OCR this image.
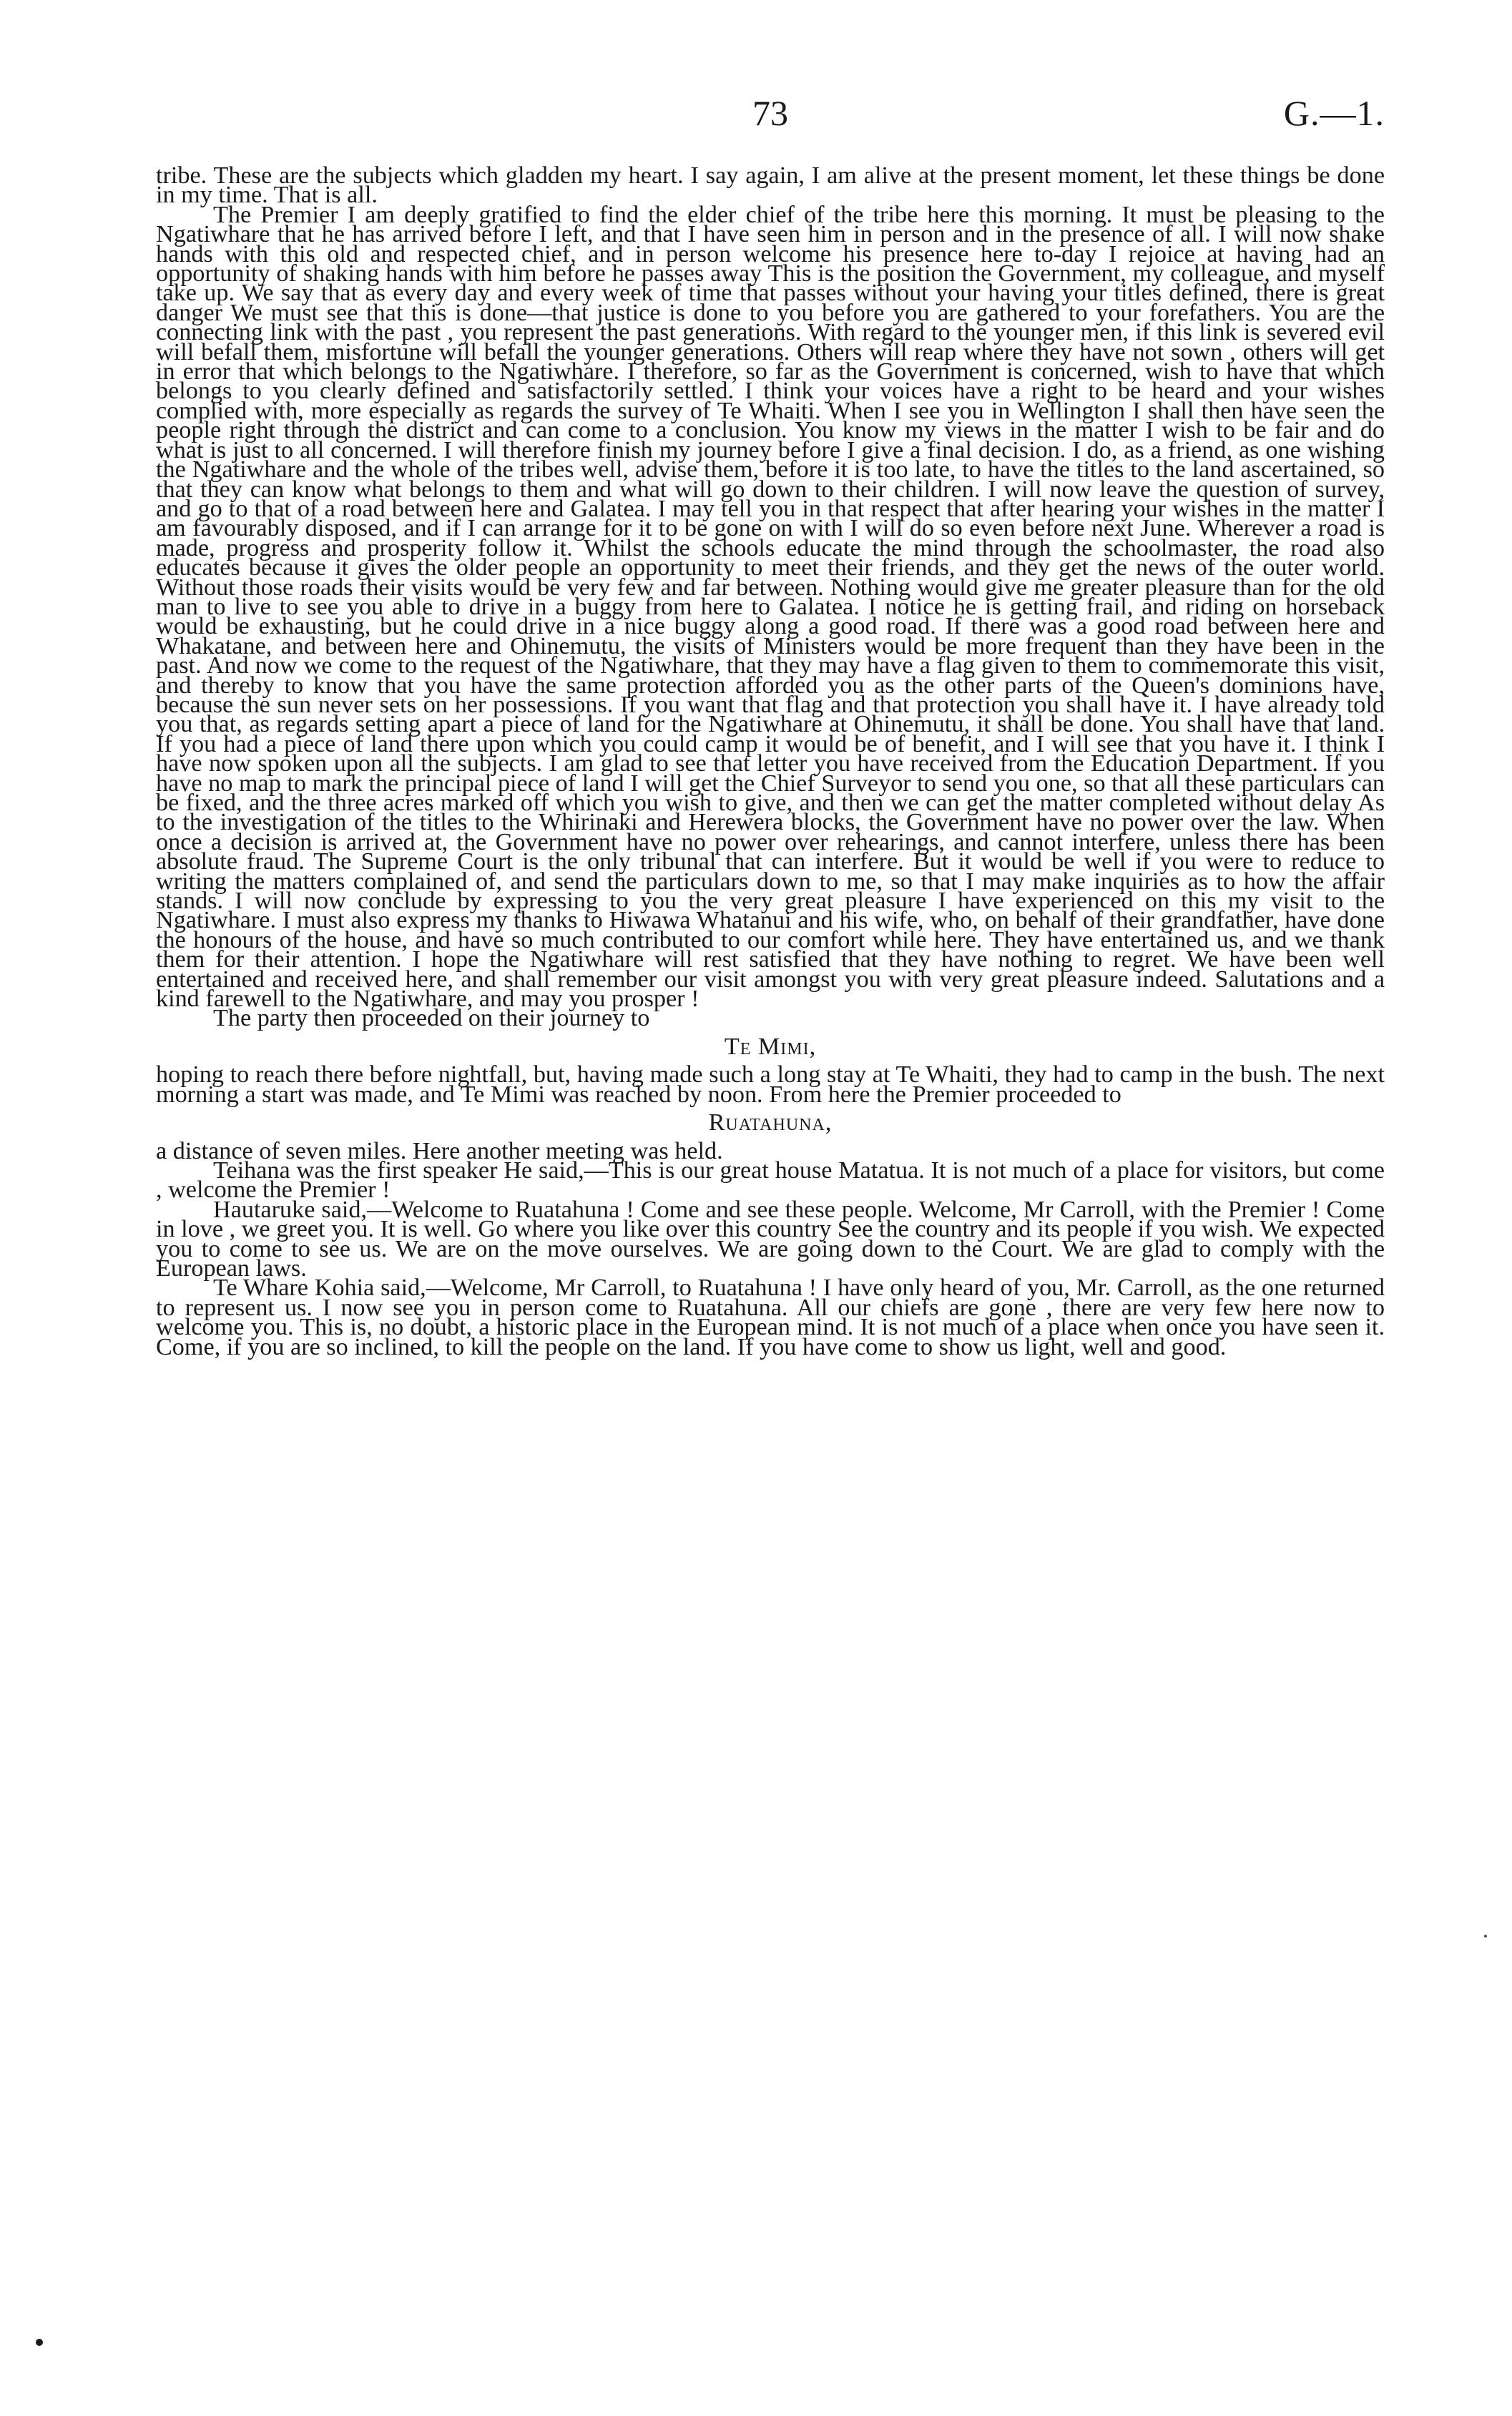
73	G.—1.

tribe. These are the subjects which gladden my heart. I say again, I am alive at the present moment, let these things be done in my time. That is all.

The Premier I am deeply gratified to find the elder chief of the tribe here this morning. It must be pleasing to the Ngatiwhare that he has arrived before I left, and that I have seen him in person and in the presence of all. I will now shake hands with this old and respected chief, and in person welcome his presence here to-day I rejoice at having had an opportunity of shaking hands with him before he passes away This is the position the Government, my colleague, and myself take up. We say that as every day and every week of time that passes without your having your titles defined, there is great danger We must see that this is done—that justice is done to you before you are gathered to your forefathers. You are the connecting link with the past , you represent the past generations. With regard to the younger men, if this link is severed evil will befall them, misfortune will befall the younger generations. Others will reap where they have not sown , others will get in error that which belongs to the Ngatiwhare. I therefore, so far as the Government is concerned, wish to have that which belongs to you clearly defined and satisfactorily settled. I think your voices have a right to be heard and your wishes complied with, more especially as regards the survey of Te Whaiti. When I see you in Wellington I shall then have seen the people right through the district and can come to a conclusion. You know my views in the matter I wish to be fair and do what is just to all concerned. I will therefore finish my journey before I give a final decision. I do, as a friend, as one wishing the Ngatiwhare and the whole of the tribes well, advise them, before it is too late, to have the titles to the land ascertained, so that they can know what belongs to them and what will go down to their children. I will now leave the question of survey, and go to that of a road between here and Galatea. I may tell you in that respect that after hearing your wishes in the matter I am favourably disposed, and if I can arrange for it to be gone on with I will do so even before next June. Wherever a road is made, progress and prosperity follow it. Whilst the schools educate the mind through the schoolmaster, the road also educates because it gives the older people an opportunity to meet their friends, and they get the news of the outer world. Without those roads their visits would be very few and far between. Nothing would give me greater pleasure than for the old man to live to see you able to drive in a buggy from here to Galatea. I notice he is getting frail, and riding on horseback would be exhausting, but he could drive in a nice buggy along a good road. If there was a good road between here and Whakatane, and between here and Ohinemutu, the visits of Ministers would be more frequent than they have been in the past. And now we come to the request of the Ngatiwhare, that they may have a flag given to them to commemorate this visit, and thereby to know that you have the same protection afforded you as the other parts of the Queen's dominions have, because the sun never sets on her possessions. If you want that flag and that protection you shall have it. I have already told you that, as regards setting apart a piece of land for the Ngatiwhare at Ohinemutu, it shall be done. You shall have that land. If you had a piece of land there upon which you could camp it would be of benefit, and I will see that you have it. I think I have now spoken upon all the subjects. I am glad to see that letter you have received from the Education Department. If you have no map to mark the principal piece of land I will get the Chief Surveyor to send you one, so that all these particulars can be fixed, and the three acres marked off which you wish to give, and then we can get the matter completed without delay As to the investigation of the titles to the Whirinaki and Herewera blocks, the Government have no power over the law. When once a decision is arrived at, the Government have no power over rehearings, and cannot interfere, unless there has been absolute fraud. The Supreme Court is the only tribunal that can interfere. But it would be well if you were to reduce to writing the matters complained of, and send the particulars down to me, so that I may make inquiries as to how the affair stands. I will now conclude by expressing to you the very great pleasure I have experienced on this my visit to the Ngatiwhare. I must also express my thanks to Hiwawa Whatanui and his wife, who, on behalf of their grandfather, have done the honours of the house, and have so much contributed to our comfort while here. They have entertained us, and we thank them for their attention. I hope the Ngatiwhare will rest satisfied that they have nothing to regret. We have been well entertained and received here, and shall remember our visit amongst you with very great pleasure indeed. Salutations and a kind farewell to the Ngatiwhare, and may you prosper !

The party then proceeded on their journey to

Te Mimi,

hoping to reach there before nightfall, but, having made such a long stay at Te Whaiti, they had to camp in the bush. The next morning a start was made, and Te Mimi was reached by noon. From here the Premier proceeded to

Ruatahuna,

a distance of seven miles. Here another meeting was held.

Teihana was the first speaker He said,—This is our great house Matatua. It is not much of a place for visitors, but come , welcome the Premier !

Hautaruke said,—Welcome to Ruatahuna ! Come and see these people. Welcome, Mr Carroll, with the Premier ! Come in love , we greet you. It is well. Go where you like over this country See the country and its people if you wish. We expected you to come to see us. We are on the move ourselves. We are going down to the Court. We are glad to comply with the European laws.

Te Whare Kohia said,—Welcome, Mr Carroll, to Ruatahuna ! I have only heard of you, Mr. Carroll, as the one returned to represent us. I now see you in person come to Ruatahuna. All our chiefs are gone , there are very few here now to welcome you. This is, no doubt, a historic place in the European mind. It is not much of a place when once you have seen it. Come, if you are so inclined, to kill the people on the land. If you have come to show us light, well and good.
